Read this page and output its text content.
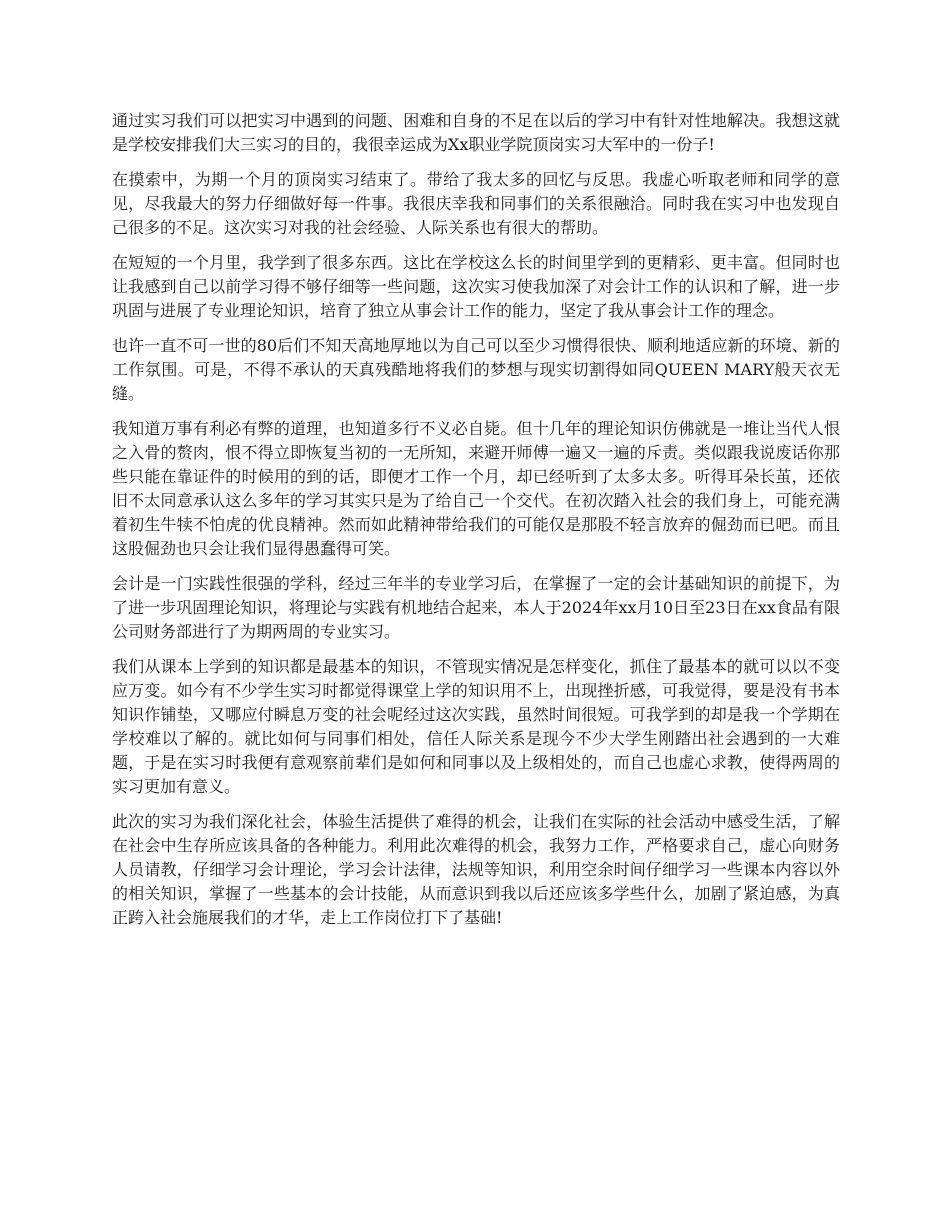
通过实习我们可以把实习中遇到的问题、困难和自身的不足在以后的学习中有针对性地解决。我想这就是学校安排我们大三实习的目的，我很幸运成为Xx职业学院顶岗实习大军中的一份子!

在摸索中，为期一个月的顶岗实习结束了。带给了我太多的回忆与反思。我虚心听取老师和同学的意见，尽我最大的努力仔细做好每一件事。我很庆幸我和同事们的关系很融洽。同时我在实习中也发现自己很多的不足。这次实习对我的社会经验、人际关系也有很大的帮助。

在短短的一个月里，我学到了很多东西。这比在学校这么长的时间里学到的更精彩、更丰富。但同时也让我感到自己以前学习得不够仔细等一些问题，这次实习使我加深了对会计工作的认识和了解，进一步巩固与进展了专业理论知识，培育了独立从事会计工作的能力，坚定了我从事会计工作的理念。

也许一直不可一世的80后们不知天高地厚地以为自己可以至少习惯得很快、顺利地适应新的环境、新的工作氛围。可是，不得不承认的天真残酷地将我们的梦想与现实切割得如同QUEEN MARY般天衣无缝。

我知道万事有利必有弊的道理，也知道多行不义必自毙。但十几年的理论知识仿佛就是一堆让当代人恨之入骨的赘肉，恨不得立即恢复当初的一无所知，来避开师傅一遍又一遍的斥责。类似跟我说废话你那些只能在靠证件的时候用的到的话，即便才工作一个月，却已经听到了太多太多。听得耳朵长茧，还依旧不太同意承认这么多年的学习其实只是为了给自己一个交代。在初次踏入社会的我们身上，可能充满着初生牛犊不怕虎的优良精神。然而如此精神带给我们的可能仅是那股不轻言放弃的倔劲而已吧。而且这股倔劲也只会让我们显得愚蠢得可笑。

会计是一门实践性很强的学科，经过三年半的专业学习后，在掌握了一定的会计基础知识的前提下，为了进一步巩固理论知识，将理论与实践有机地结合起来，本人于2024年xx月10日至23日在xx食品有限公司财务部进行了为期两周的专业实习。

我们从课本上学到的知识都是最基本的知识，不管现实情况是怎样变化，抓住了最基本的就可以以不变应万变。如今有不少学生实习时都觉得课堂上学的知识用不上，出现挫折感，可我觉得，要是没有书本知识作铺垫，又哪应付瞬息万变的社会呢经过这次实践，虽然时间很短。可我学到的却是我一个学期在学校难以了解的。就比如何与同事们相处，信任人际关系是现今不少大学生刚踏出社会遇到的一大难题，于是在实习时我便有意观察前辈们是如何和同事以及上级相处的，而自己也虚心求教，使得两周的实习更加有意义。

此次的实习为我们深化社会，体验生活提供了难得的机会，让我们在实际的社会活动中感受生活，了解在社会中生存所应该具备的各种能力。利用此次难得的机会，我努力工作，严格要求自己，虚心向财务人员请教，仔细学习会计理论，学习会计法律，法规等知识，利用空余时间仔细学习一些课本内容以外的相关知识，掌握了一些基本的会计技能，从而意识到我以后还应该多学些什么，加剧了紧迫感，为真正跨入社会施展我们的才华，走上工作岗位打下了基础!
